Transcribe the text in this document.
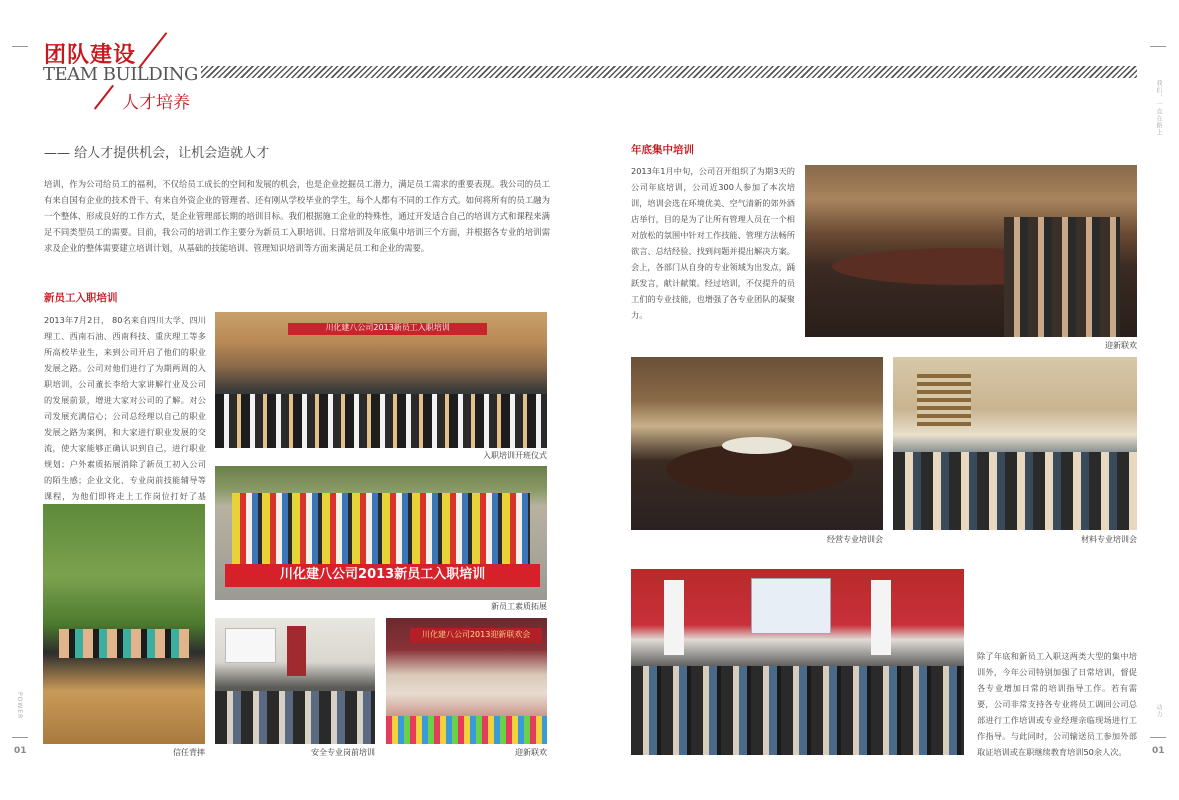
我们，一直在路上
团队建设
TEAM BUILDING
人才培养
—— 给人才提供机会，让机会造就人才
培训，作为公司给员工的福利，不仅给员工成长的空间和发展的机会，也是企业挖掘员工潜力，满足员工需求的重要表现。我公司的员工有来自国有企业的技术骨干、有来自外资企业的管理者、还有刚从学校毕业的学生，每个人都有不同的工作方式。如何将所有的员工融为一个整体、形成良好的工作方式，是企业管理部长期的培训目标。我们根据施工企业的特殊性，通过开发适合自己的培训方式和课程来满足不同类型员工的需要。目前，我公司的培训工作主要分为新员工入职培训、日常培训及年底集中培训三个方面，并根据各专业的培训需求及企业的整体需要建立培训计划，从基础的技能培训、管理知识培训等方面来满足员工和企业的需要。
新员工入职培训
2013年7月2日， 80名来自四川大学、四川理工、西南石油、西南科技、重庆理工等多所高校毕业生，来到公司开启了他们的职业发展之路。公司对他们进行了为期两周的入职培训，公司董长李给大家讲解行业及公司的发展前景，增进大家对公司的了解。对公司发展充满信心；公司总经理以自己的职业发展之路为案例，和大家进行职业发展的交流，使大家能够正确认识到自己，进行职业规划；户外素质拓展消除了新员工初入公司的陌生感；企业文化、专业岗前技能辅导等课程，为他们即将走上工作岗位打好了基
川化建八公司2013新员工入职培训
入职培训开班仪式
川化建八公司2013新员工入职培训
新员工素质拓展
信任背摔	安全专业岗前培训
川化建八公司2013迎新联欢会
迎新联欢
年底集中培训
2013年1月中旬，公司召开组织了为期3天的公司年底培训，公司近300人参加了本次培训，培训会选在环境优美、空气清新的郊外酒店举行，目的是为了让所有管理人员在一个相对放松的氛围中针对工作技能、管理方法畅所欲言、总结经验、找到问题并提出解决方案。会上，各部门从自身的专业领域为出发点，踊跃发言，献计献策。经过培训，不仅提升的员工们的专业技能，也增强了各专业团队的凝聚力。
迎新联欢
经营专业培训会	材料专业培训会
除了年底和新员工入职这两类大型的集中培训外，今年公司特别加强了日常培训，督促各专业增加日常的培训指导工作。若有需要，公司非常支持各专业将员工调回公司总部进行工作培训或专业经理亲临现场进行工作指导。与此同时，公司输送员工参加外部取证培训或在职继续教育培训50余人次。
POWER
01
动力
01
